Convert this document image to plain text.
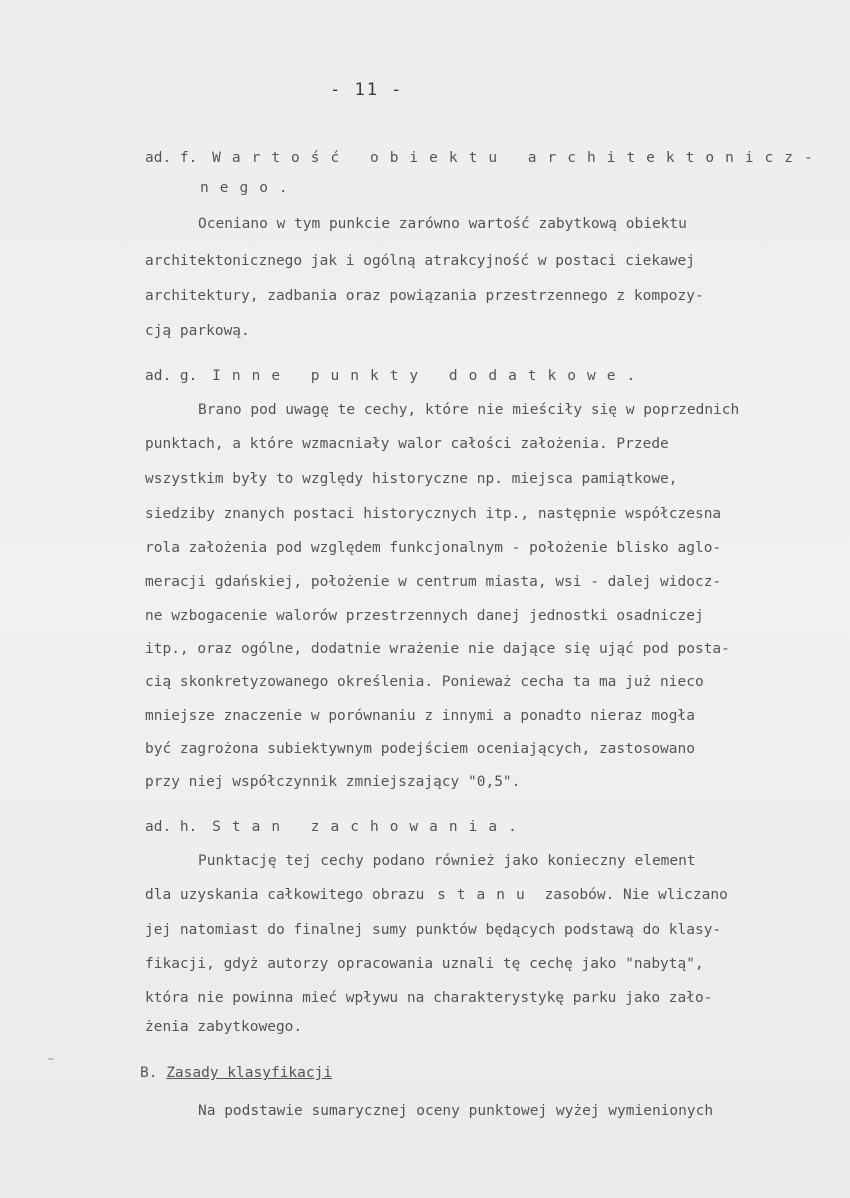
- 11 -
ad. f. Wartość obiektu architektonicz-
nego.
Oceniano w tym punkcie zarówno wartość zabytkową obiektu
architektonicznego jak i ogólną atrakcyjność w postaci ciekawej
architektury, zadbania oraz powiązania przestrzennego z kompozy-
cją parkową.
ad. g. Inne punkty dodatkowe.
Brano pod uwagę te cechy, które nie mieściły się w poprzednich
punktach, a które wzmacniały walor całości założenia. Przede
wszystkim były to względy historyczne np. miejsca pamiątkowe,
siedziby znanych postaci historycznych itp., następnie współczesna
rola założenia pod względem funkcjonalnym - położenie blisko aglo-
meracji gdańskiej, położenie w centrum miasta, wsi - dalej widocz-
ne wzbogacenie walorów przestrzennych danej jednostki osadniczej
itp., oraz ogólne, dodatnie wrażenie nie dające się ująć pod posta-
cią skonkretyzowanego określenia. Ponieważ cecha ta ma już nieco
mniejsze znaczenie w porównaniu z innymi a ponadto nieraz mogła
być zagrożona subiektywnym podejściem oceniających, zastosowano
przy niej współczynnik zmniejszający "0,5".
ad. h. Stan zachowania.
Punktację tej cechy podano również jako konieczny element
dla uzyskania całkowitego obrazu stanu zasobów. Nie wliczano
jej natomiast do finalnej sumy punktów będących podstawą do klasy-
fikacji, gdyż autorzy opracowania uznali tę cechę jako "nabytą",
która nie powinna mieć wpływu na charakterystykę parku jako zało-
żenia zabytkowego.
B. Zasady klasyfikacji
Na podstawie sumarycznej oceny punktowej wyżej wymienionych
